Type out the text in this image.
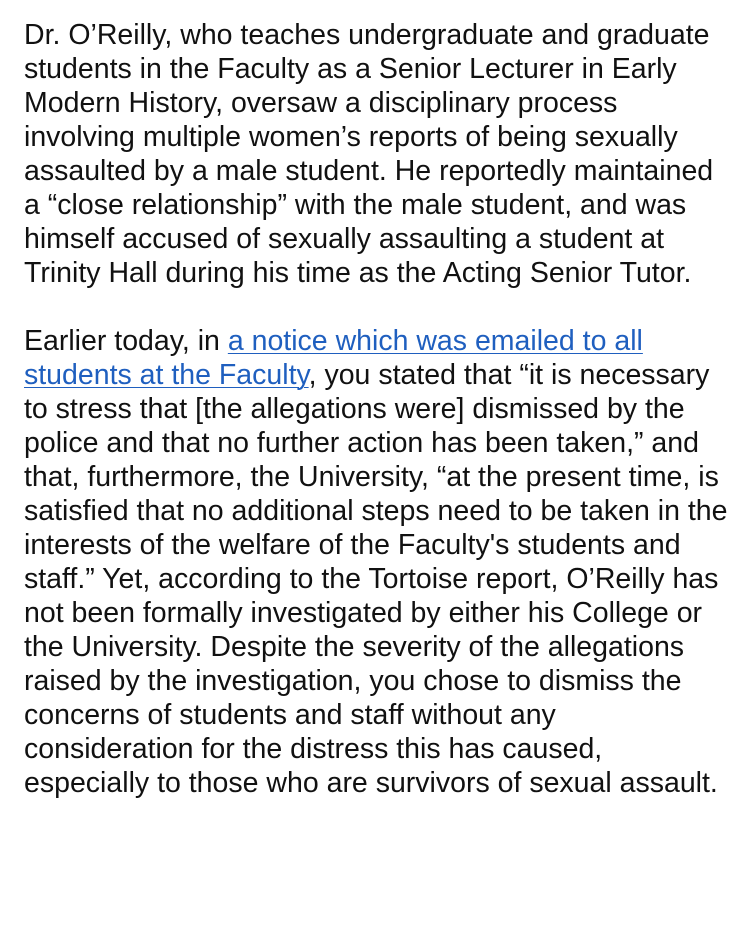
Dr. O’Reilly, who teaches undergraduate and graduate students in the Faculty as a Senior Lecturer in Early Modern History, oversaw a disciplinary process involving multiple women’s reports of being sexually assaulted by a male student. He reportedly maintained a “close relationship” with the male student, and was himself accused of sexually assaulting a student at Trinity Hall during his time as the Acting Senior Tutor.

Earlier today, in a notice which was emailed to all students at the Faculty, you stated that “it is necessary to stress that [the allegations were] dismissed by the police and that no further action has been taken,” and that, furthermore, the University, “at the present time, is satisfied that no additional steps need to be taken in the interests of the welfare of the Faculty's students and staff.” Yet, according to the Tortoise report, O’Reilly has not been formally investigated by either his College or the University. Despite the severity of the allegations raised by the investigation, you chose to dismiss the concerns of students and staff without any consideration for the distress this has caused, especially to those who are survivors of sexual assault.
